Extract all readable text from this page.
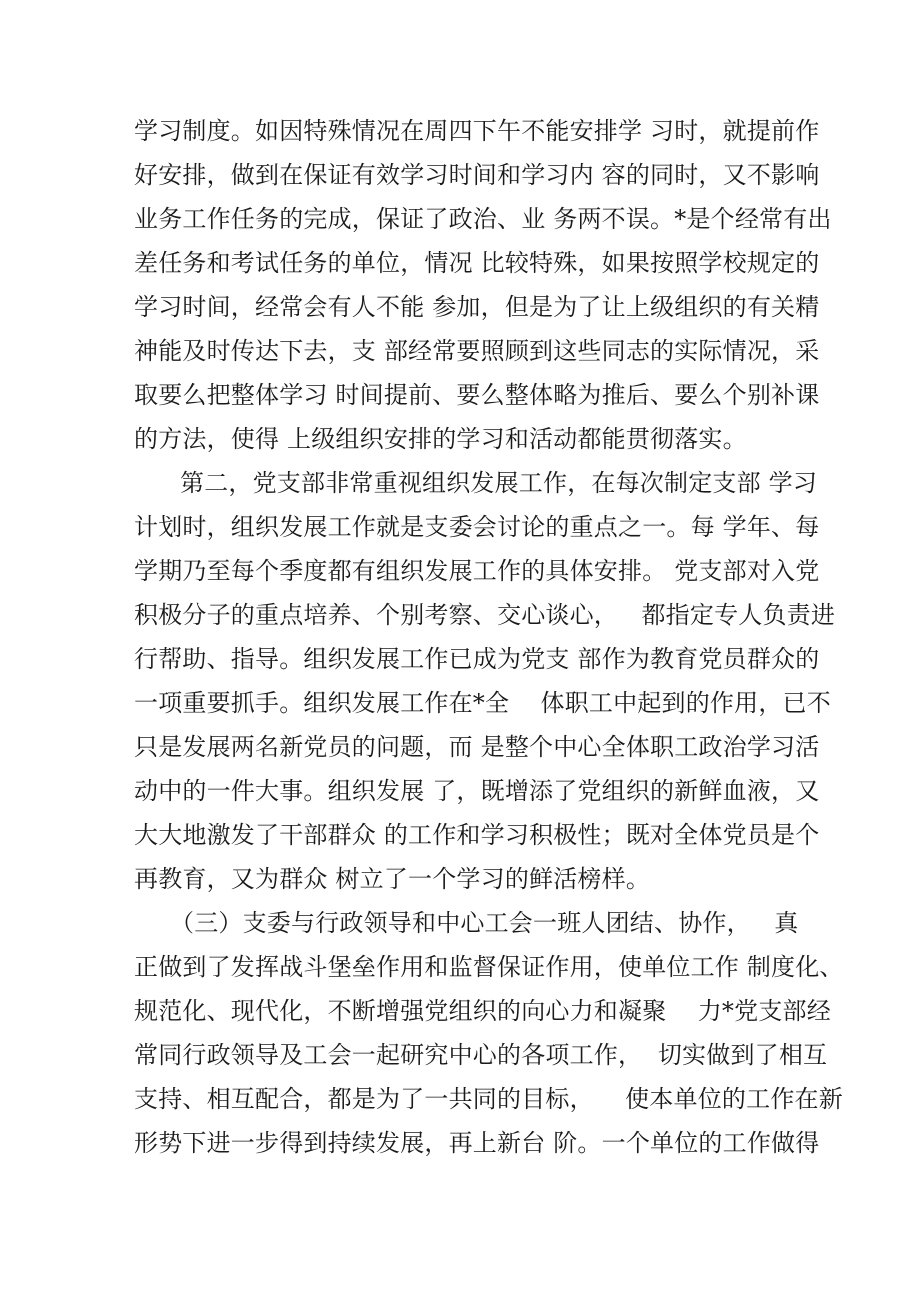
学习制度。如因特殊情况在周四下午不能安排学 习时，就提前作
好安排，做到在保证有效学习时间和学习内 容的同时，又不影响
业务工作任务的完成，保证了政治、业 务两不误。*是个经常有出
差任务和考试任务的单位，情况 比较特殊，如果按照学校规定的
学习时间，经常会有人不能 参加，但是为了让上级组织的有关精
神能及时传达下去，支 部经常要照顾到这些同志的实际情况，采
取要么把整体学习 时间提前、要么整体略为推后、要么个别补课
的方法，使得 上级组织安排的学习和活动都能贯彻落实。
第二，党支部非常重视组织发展工作，在每次制定支部 学习
计划时，组织发展工作就是支委会讨论的重点之一。每 学年、每
学期乃至每个季度都有组织发展工作的具体安排。 党支部对入党
积极分子的重点培养、个别考察、交心谈心，   都指定专人负责进
行帮助、指导。组织发展工作已成为党支 部作为教育党员群众的
一项重要抓手。组织发展工作在*全    体职工中起到的作用，已不
只是发展两名新党员的问题，而 是整个中心全体职工政治学习活
动中的一件大事。组织发展 了，既增添了党组织的新鲜血液，又
大大地激发了干部群众 的工作和学习积极性；既对全体党员是个
再教育，又为群众 树立了一个学习的鲜活榜样。
（三）支委与行政领导和中心工会一班人团结、协作，   真
正做到了发挥战斗堡垒作用和监督保证作用，使单位工作 制度化、
规范化、现代化，不断增强党组织的向心力和凝聚    力*党支部经
常同行政领导及工会一起研究中心的各项工作，  切实做到了相互
支持、相互配合，都是为了一共同的目标，    使本单位的工作在新
形势下进一步得到持续发展，再上新台 阶。一个单位的工作做得
